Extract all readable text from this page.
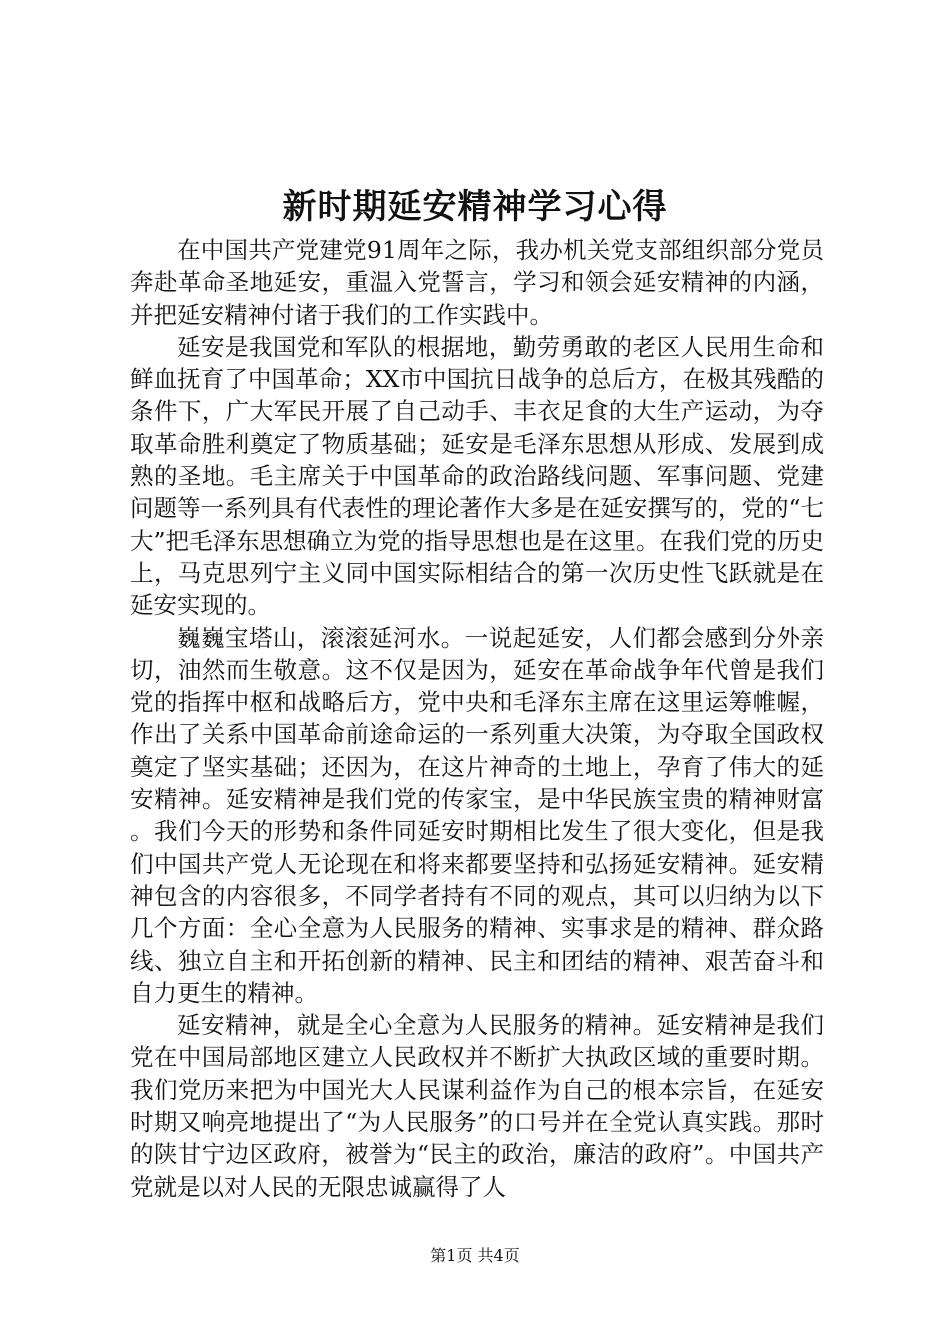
新时期延安精神学习心得

在中国共产党建党91周年之际，我办机关党支部组织部分党员奔赴革命圣地延安，重温入党誓言，学习和领会延安精神的内涵，并把延安精神付诸于我们的工作实践中。

延安是我国党和军队的根据地，勤劳勇敢的老区人民用生命和鲜血抚育了中国革命；XX市中国抗日战争的总后方，在极其残酷的条件下，广大军民开展了自己动手、丰衣足食的大生产运动，为夺取革命胜利奠定了物质基础；延安是毛泽东思想从形成、发展到成熟的圣地。毛主席关于中国革命的政治路线问题、军事问题、党建问题等一系列具有代表性的理论著作大多是在延安撰写的，党的“七大”把毛泽东思想确立为党的指导思想也是在这里。在我们党的历史上，马克思列宁主义同中国实际相结合的第一次历史性飞跃就是在延安实现的。

巍巍宝塔山，滚滚延河水。一说起延安，人们都会感到分外亲切，油然而生敬意。这不仅是因为，延安在革命战争年代曾是我们党的指挥中枢和战略后方，党中央和毛泽东主席在这里运筹帷幄，作出了关系中国革命前途命运的一系列重大决策，为夺取全国政权奠定了坚实基础；还因为，在这片神奇的土地上，孕育了伟大的延安精神。延安精神是我们党的传家宝，是中华民族宝贵的精神财富。我们今天的形势和条件同延安时期相比发生了很大变化，但是我们中国共产党人无论现在和将来都要坚持和弘扬延安精神。延安精神包含的内容很多，不同学者持有不同的观点，其可以归纳为以下几个方面：全心全意为人民服务的精神、实事求是的精神、群众路线、独立自主和开拓创新的精神、民主和团结的精神、艰苦奋斗和自力更生的精神。

延安精神，就是全心全意为人民服务的精神。延安精神是我们党在中国局部地区建立人民政权并不断扩大执政区域的重要时期。我们党历来把为中国光大人民谋利益作为自己的根本宗旨，在延安时期又响亮地提出了“为人民服务”的口号并在全党认真实践。那时的陕甘宁边区政府，被誉为“民主的政治，廉洁的政府”。中国共产党就是以对人民的无限忠诚赢得了人

第1页 共4页
